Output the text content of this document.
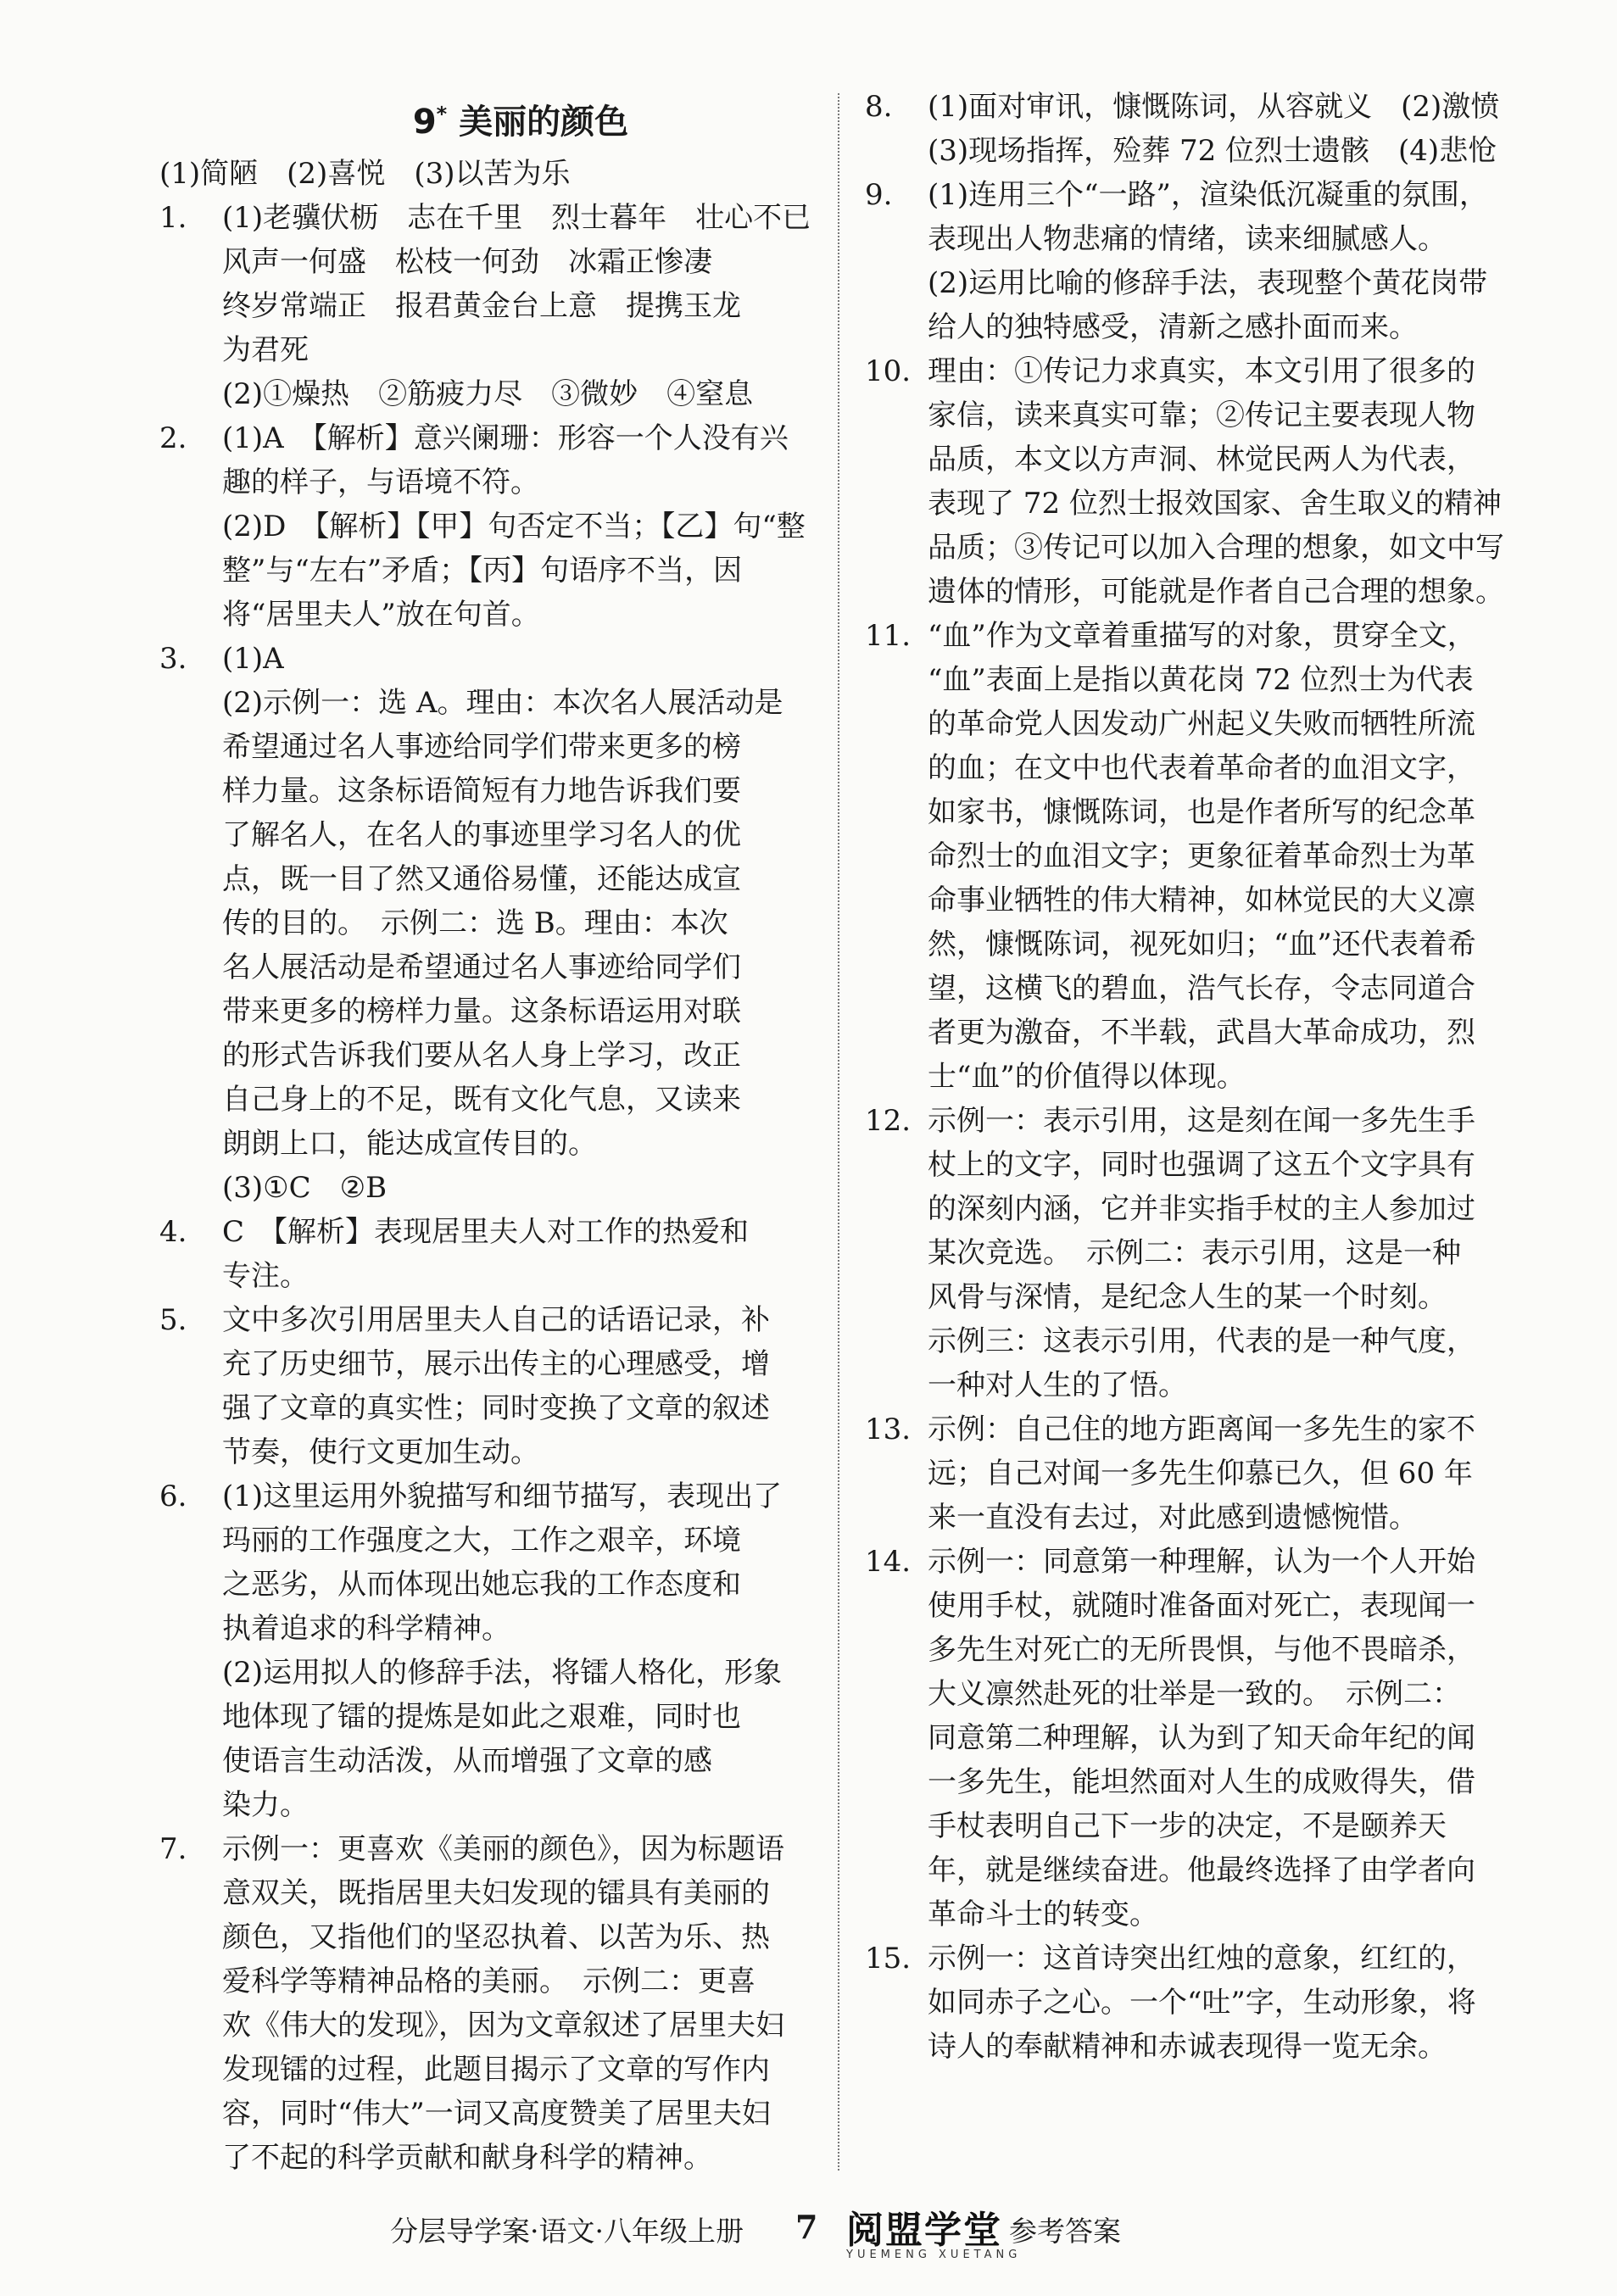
9* 美丽的颜色

(1)简陋　(2)喜悦　(3)以苦为乐

1.	(1)老骥伏枥　志在千里　烈士暮年　壮心不已
风声一何盛　松枝一何劲　冰霜正惨凄
终岁常端正　报君黄金台上意　提携玉龙
为君死

(2)①燥热　②筋疲力尽　③微妙　④窒息

2.	(1)A　【解析】意兴阑珊：形容一个人没有兴
趣的样子，与语境不符。

(2)D　【解析】【甲】句否定不当；【乙】句“整
整”与“左右”矛盾；【丙】句语序不当，因
将“居里夫人”放在句首。

3.	(1)A

(2)示例一：选 A。理由：本次名人展活动是
希望通过名人事迹给同学们带来更多的榜
样力量。这条标语简短有力地告诉我们要
了解名人，在名人的事迹里学习名人的优
点，既一目了然又通俗易懂，还能达成宣
传的目的。　示例二：选 B。理由：本次
名人展活动是希望通过名人事迹给同学们
带来更多的榜样力量。这条标语运用对联
的形式告诉我们要从名人身上学习，改正
自己身上的不足，既有文化气息，又读来
朗朗上口，能达成宣传目的。

(3)①C　②B

4.	C　【解析】表现居里夫人对工作的热爱和
专注。

5.	文中多次引用居里夫人自己的话语记录，补
充了历史细节，展示出传主的心理感受，增
强了文章的真实性；同时变换了文章的叙述
节奏，使行文更加生动。

6.	(1)这里运用外貌描写和细节描写，表现出了
玛丽的工作强度之大，工作之艰辛，环境
之恶劣，从而体现出她忘我的工作态度和
执着追求的科学精神。

(2)运用拟人的修辞手法，将镭人格化，形象
地体现了镭的提炼是如此之艰难，同时也
使语言生动活泼，从而增强了文章的感
染力。

7.	示例一：更喜欢《美丽的颜色》，因为标题语
意双关，既指居里夫妇发现的镭具有美丽的
颜色，又指他们的坚忍执着、以苦为乐、热
爱科学等精神品格的美丽。　示例二：更喜
欢《伟大的发现》，因为文章叙述了居里夫妇
发现镭的过程，此题目揭示了文章的写作内
容，同时“伟大”一词又高度赞美了居里夫妇
了不起的科学贡献和献身科学的精神。

8.	(1)面对审讯，慷慨陈词，从容就义　(2)激愤
(3)现场指挥，殓葬 72 位烈士遗骸　(4)悲怆

9.	(1)连用三个“一路”，渲染低沉凝重的氛围，
表现出人物悲痛的情绪，读来细腻感人。

(2)运用比喻的修辞手法，表现整个黄花岗带
给人的独特感受，清新之感扑面而来。

10. 理由：①传记力求真实，本文引用了很多的
家信，读来真实可靠；②传记主要表现人物
品质，本文以方声洞、林觉民两人为代表，
表现了 72 位烈士报效国家、舍生取义的精神
品质；③传记可以加入合理的想象，如文中写
遗体的情形，可能就是作者自己合理的想象。

11. “血”作为文章着重描写的对象，贯穿全文，
“血”表面上是指以黄花岗 72 位烈士为代表
的革命党人因发动广州起义失败而牺牲所流
的血；在文中也代表着革命者的血泪文字，
如家书，慷慨陈词，也是作者所写的纪念革
命烈士的血泪文字；更象征着革命烈士为革
命事业牺牲的伟大精神，如林觉民的大义凛
然，慷慨陈词，视死如归；“血”还代表着希
望，这横飞的碧血，浩气长存，令志同道合
者更为激奋，不半载，武昌大革命成功，烈
士“血”的价值得以体现。

12. 示例一：表示引用，这是刻在闻一多先生手
杖上的文字，同时也强调了这五个文字具有
的深刻内涵，它并非实指手杖的主人参加过
某次竞选。　示例二：表示引用，这是一种
风骨与深情，是纪念人生的某一个时刻。
示例三：这表示引用，代表的是一种气度，
一种对人生的了悟。

13. 示例：自己住的地方距离闻一多先生的家不
远；自己对闻一多先生仰慕已久，但 60 年
来一直没有去过，对此感到遗憾惋惜。

14. 示例一：同意第一种理解，认为一个人开始
使用手杖，就随时准备面对死亡，表现闻一
多先生对死亡的无所畏惧，与他不畏暗杀，
大义凛然赴死的壮举是一致的。　示例二：
同意第二种理解，认为到了知天命年纪的闻
一多先生，能坦然面对人生的成败得失，借
手杖表明自己下一步的决定，不是颐养天
年，就是继续奋进。他最终选择了由学者向
革命斗士的转变。

15. 示例一：这首诗突出红烛的意象，红红的，
如同赤子之心。一个“吐”字，生动形象，将
诗人的奉献精神和赤诚表现得一览无余。

分层导学案·语文·八年级上册 7 阅盟学堂
YUEMENG XUETANG
参考答案
